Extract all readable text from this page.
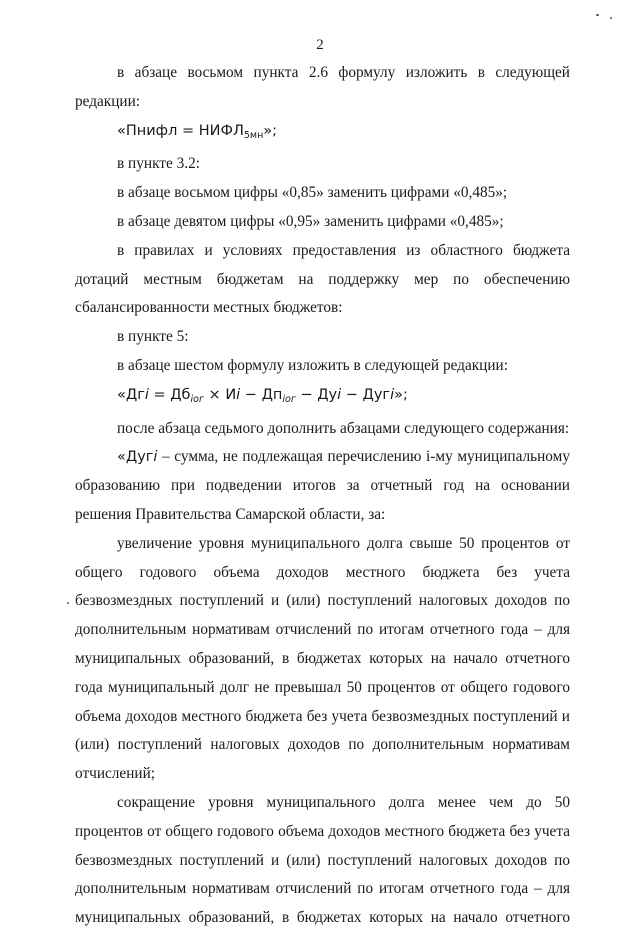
2

в абзаце восьмом пункта 2.6 формулу изложить в следующей редакции:

«Пнифл = $НИФЛ_{5мн}$»;

в пункте 3.2:

в абзаце восьмом цифры «0,85» заменить цифрами «0,485»;

в абзаце девятом цифры «0,95» заменить цифрами «0,485»;

в правилах и условиях предоставления из областного бюджета дотаций местным бюджетам на поддержку мер по обеспечению сбалансированности местных бюджетов:

в пункте 5:

в абзаце шестом формулу изложить в следующей редакции:

«Дгi = $Дб_{iог}$ × Иi − $Дп_{iог}$ − Дуi − Дугi»;

после абзаца седьмого дополнить абзацами следующего содержания:

«Дугi – сумма, не подлежащая перечислению i-му муниципальному образованию при подведении итогов за отчетный год на основании решения Правительства Самарской области, за:

увеличение уровня муниципального долга свыше 50 процентов от общего годового объема доходов местного бюджета без учета безвозмездных поступлений и (или) поступлений налоговых доходов по дополнительным нормативам отчислений по итогам отчетного года – для муниципальных образований, в бюджетах которых на начало отчетного года муниципальный долг не превышал 50 процентов от общего годового объема доходов местного бюджета без учета безвозмездных поступлений и (или) поступлений налоговых доходов по дополнительным нормативам отчислений;

сокращение уровня муниципального долга менее чем до 50 процентов от общего годового объема доходов местного бюджета без учета безвозмездных поступлений и (или) поступлений налоговых доходов по дополнительным нормативам отчислений по итогам отчетного года – для муниципальных образований, в бюджетах которых на начало отчетного
